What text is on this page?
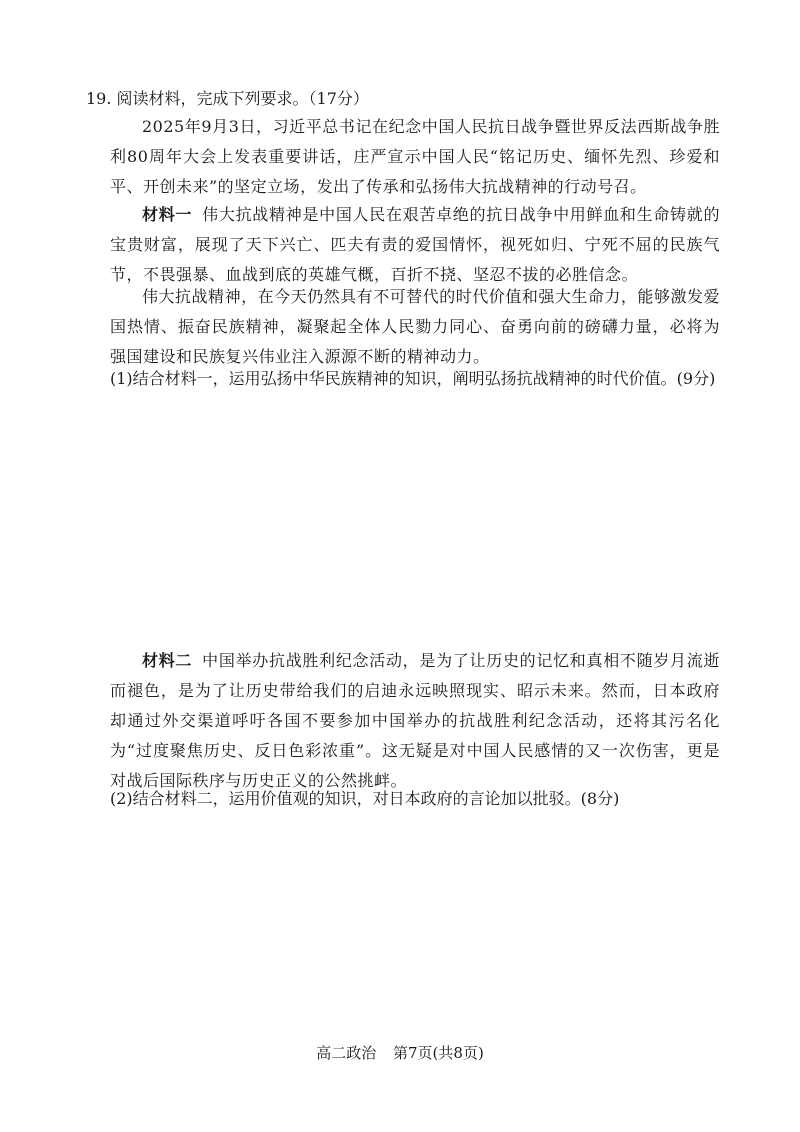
19. 阅读材料，完成下列要求。（17分）
2025年9月3日，习近平总书记在纪念中国人民抗日战争暨世界反法西斯战争胜利80周年大会上发表重要讲话，庄严宣示中国人民“铭记历史、缅怀先烈、珍爱和平、开创未来”的坚定立场，发出了传承和弘扬伟大抗战精神的行动号召。
材料一 伟大抗战精神是中国人民在艰苦卓绝的抗日战争中用鲜血和生命铸就的宝贵财富，展现了天下兴亡、匹夫有责的爱国情怀，视死如归、宁死不屈的民族气节，不畏强暴、血战到底的英雄气概，百折不挠、坚忍不拔的必胜信念。
伟大抗战精神，在今天仍然具有不可替代的时代价值和强大生命力，能够激发爱国热情、振奋民族精神，凝聚起全体人民勠力同心、奋勇向前的磅礴力量，必将为强国建设和民族复兴伟业注入源源不断的精神动力。
(1)结合材料一，运用弘扬中华民族精神的知识，阐明弘扬抗战精神的时代价值。(9分)
材料二 中国举办抗战胜利纪念活动，是为了让历史的记忆和真相不随岁月流逝而褪色，是为了让历史带给我们的启迪永远映照现实、昭示未来。然而，日本政府却通过外交渠道呼吁各国不要参加中国举办的抗战胜利纪念活动，还将其污名化为“过度聚焦历史、反日色彩浓重”。这无疑是对中国人民感情的又一次伤害，更是对战后国际秩序与历史正义的公然挑衅。
(2)结合材料二，运用价值观的知识，对日本政府的言论加以批驳。(8分)
高二政治 第7页(共8页)
